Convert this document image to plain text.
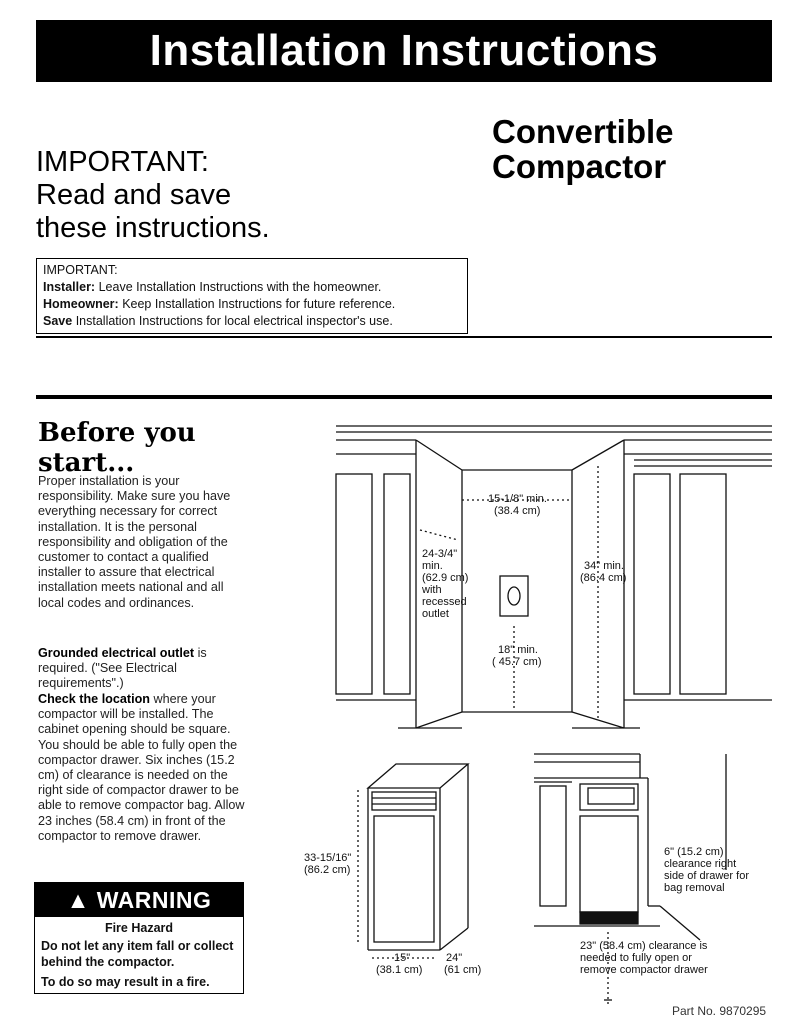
Installation Instructions
IMPORTANT:
Read and save
these instructions.
Convertible
Compactor
IMPORTANT:
Installer: Leave Installation Instructions with the homeowner.
Homeowner: Keep Installation Instructions for future reference.
Save Installation Instructions for local electrical inspector's use.
Before you
start...
Proper installation is your responsibility. Make sure you have everything necessary for correct installation. It is the personal responsibility and obligation of the customer to contact a qualified installer to assure that electrical installation meets national and all local codes and ordinances.
Grounded electrical outlet is required. ("See Electrical requirements".)
Check the location where your compactor will be installed. The cabinet opening should be square. You should be able to fully open the compactor drawer. Six inches (15.2 cm) of clearance is needed on the right side of compactor drawer to be able to remove compactor bag. Allow 23 inches (58.4 cm) in front of the compactor to remove drawer.
▲ WARNING
Fire Hazard
Do not let any item fall or collect behind the compactor.
To do so may result in a fire.
15-1/8" min.
(38.4 cm)
24-3/4"
min.
(62.9 cm)
with
recessed
outlet
34" min.
(86.4 cm)
18" min.
( 45.7 cm)
33-15/16"
(86.2 cm)
15"
(38.1 cm)
24"
(61 cm)
6" (15.2 cm)
clearance right
side of drawer for
bag removal
23" (58.4 cm) clearance is
needed to fully open or
remove compactor drawer
Part No. 9870295
